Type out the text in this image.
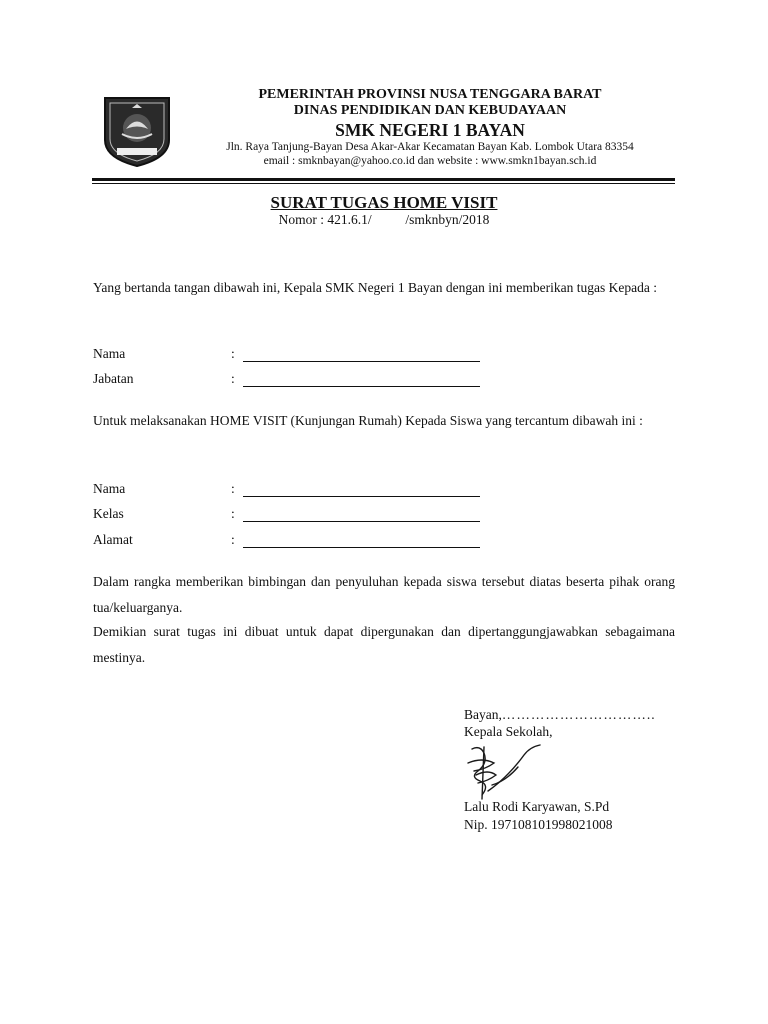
PEMERINTAH PROVINSI NUSA TENGGARA BARAT
DINAS PENDIDIKAN DAN KEBUDAYAAN
SMK NEGERI 1 BAYAN
Jln. Raya Tanjung-Bayan Desa Akar-Akar Kecamatan Bayan Kab. Lombok Utara 83354
email : smknbayan@yahoo.co.id dan website : www.smkn1bayan.sch.id
SURAT TUGAS HOME VISIT
Nomor : 421.6.1/          /smknbyn/2018
Yang bertanda tangan dibawah ini, Kepala SMK Negeri 1 Bayan dengan ini memberikan tugas Kepada :
Nama	:
Jabatan	:
Untuk melaksanakan HOME VISIT (Kunjungan Rumah) Kepada Siswa yang tercantum dibawah ini :
Nama	:
Kelas	:
Alamat	:
Dalam rangka memberikan bimbingan dan penyuluhan kepada siswa tersebut diatas beserta pihak orang tua/keluarganya.
Demikian surat tugas ini dibuat untuk dapat dipergunakan dan dipertanggungjawabkan sebagaimana mestinya.
Bayan,…………………………..
Kepala Sekolah,
Lalu Rodi Karyawan, S.Pd
Nip. 197108101998021008
